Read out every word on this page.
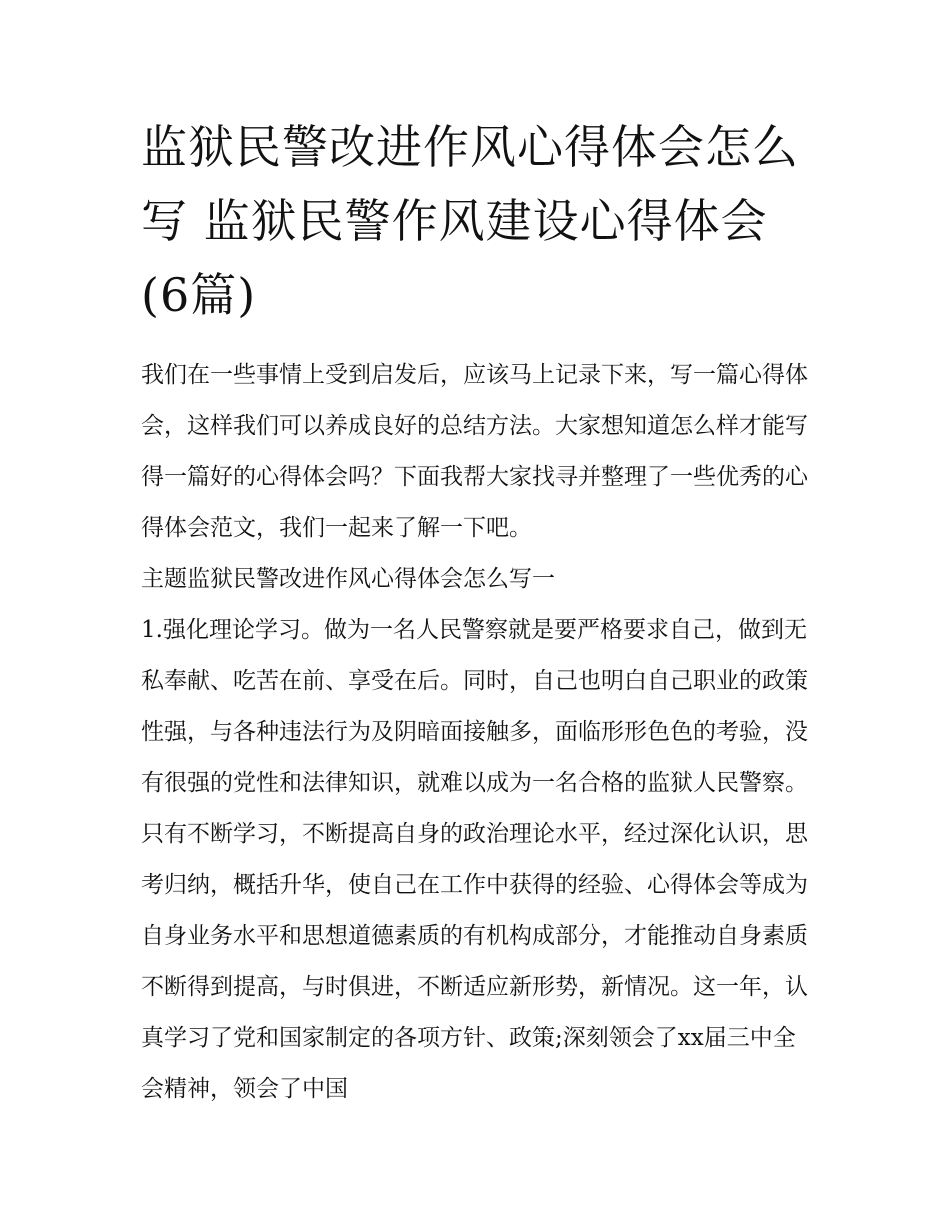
监狱民警改进作风心得体会怎么写 监狱民警作风建设心得体会(6篇)

我们在一些事情上受到启发后，应该马上记录下来，写一篇心得体会，这样我们可以养成良好的总结方法。大家想知道怎么样才能写得一篇好的心得体会吗？下面我帮大家找寻并整理了一些优秀的心得体会范文，我们一起来了解一下吧。

主题监狱民警改进作风心得体会怎么写一

1.强化理论学习。做为一名人民警察就是要严格要求自己，做到无私奉献、吃苦在前、享受在后。同时，自己也明白自己职业的政策性强，与各种违法行为及阴暗面接触多，面临形形色色的考验，没有很强的党性和法律知识，就难以成为一名合格的监狱人民警察。只有不断学习，不断提高自身的政治理论水平，经过深化认识，思考归纳，概括升华，使自己在工作中获得的经验、心得体会等成为自身业务水平和思想道德素质的有机构成部分，才能推动自身素质不断得到提高，与时俱进，不断适应新形势，新情况。这一年，认真学习了党和国家制定的各项方针、政策;深刻领会了xx届三中全会精神，领会了中国
